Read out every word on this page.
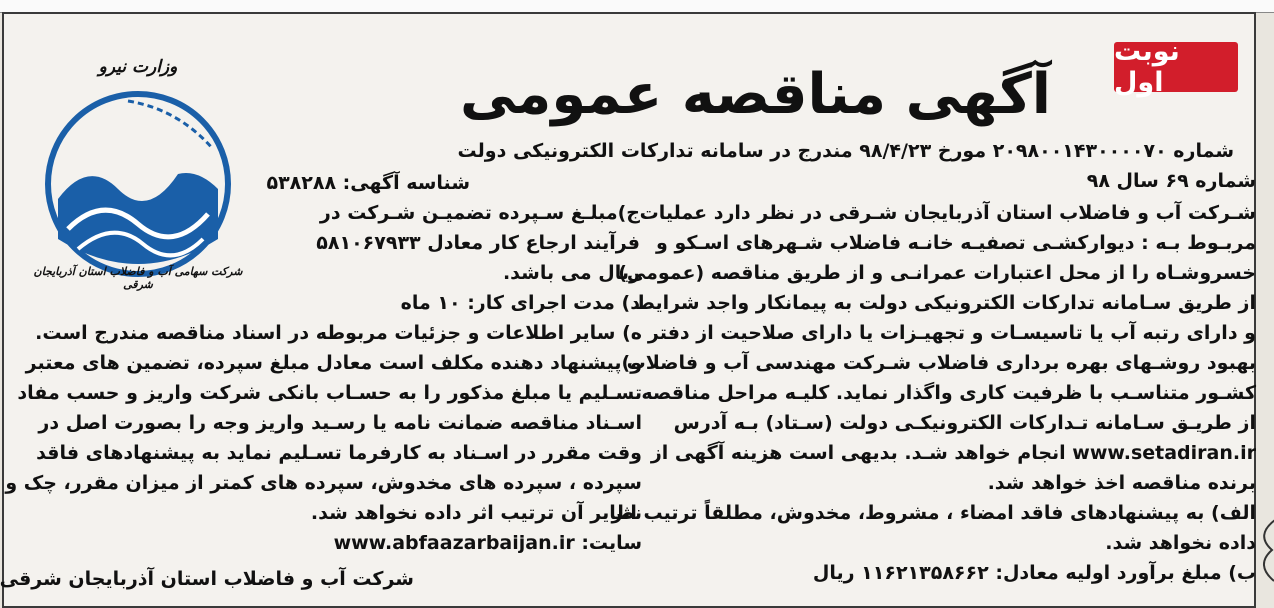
نوبت اول
آگهی مناقصه عمومی
وزارت نیرو
شرکت سهامی آب و فاضلاب استان آذربایجان شرقی
شماره ۲۰۹۸۰۰۱۴۳۰۰۰۰۷۰ مورخ ۹۸/۴/۲۳ مندرج در سامانه تدارکات الکترونیکی دولت
شناسه آگهی: ۵۳۸۲۸۸
ج)مبلـغ سـپرده تضمیـن شـرکت در
فرآیند ارجاع کار معادل ۵۸۱۰۶۷۹۳۳
ریال می باشد.
د) مدت اجرای کار: ۱۰ ماه
شماره ۶۹ سال ۹۸
شـرکت آب و فاضلاب استان آذربایجان شـرقی در نظر دارد عملیات
مربـوط بـه : دیوارکشـی تصفیـه خانـه فاضلاب شـهرهای اسـکو و
خسروشـاه را از محل اعتبارات عمرانـی و از طریق مناقصه (عمومی)
از طریق سـامانه تدارکات الکترونیکی دولت به پیمانکار واجد شرایط
و دارای رتبه آب یا تاسیسـات و تجهیـزات یا دارای صلاحیت از دفتر
بهبود روشـهای بهره برداری فاضلاب شـرکت مهندسی آب و فاضلاب
کشـور متناسـب با ظرفیت کاری واگذار نماید. کلیـه مراحل مناقصه
از طریـق سـامانه تـدارکات الکترونیکـی دولت (سـتاد) بـه آدرس
www.setadiran.ir انجام خواهد شـد. بدیهی است هزینه آگهی از
برنده مناقصه اخذ خواهد شد.
الف) به پیشنهادهای فاقد امضاء ، مشروط، مخدوش، مطلقاً ترتیب اثر
داده نخواهد شد.
ب) مبلغ برآورد اولیه معادل: ۱۱۶۲۱۳۵۸۶۶۲ ریال
ه) سایر اطلاعات و جزئیات مربوطه در اسناد مناقصه مندرج است.
و)پیشنهاد دهنده مکلف است معادل مبلغ سپرده، تضمین های معتبر
تسـلیم یا مبلغ مذکور را به حسـاب بانکی شرکت واریز و حسب مفاد
اسـناد مناقصه ضمانت نامه یا رسـید واریز وجه را بصورت اصل در
وقت مقرر در اسـناد به کارفرما تسـلیم نماید به پیشنهادهای فاقد
سپرده ، سپرده های مخدوش، سپرده های کمتر از میزان مقرر، چک و
نظایر آن ترتیب اثر داده نخواهد شد.
سایت: www.abfaazarbaijan.ir
شرکت آب و فاضلاب استان آذربایجان شرقی
